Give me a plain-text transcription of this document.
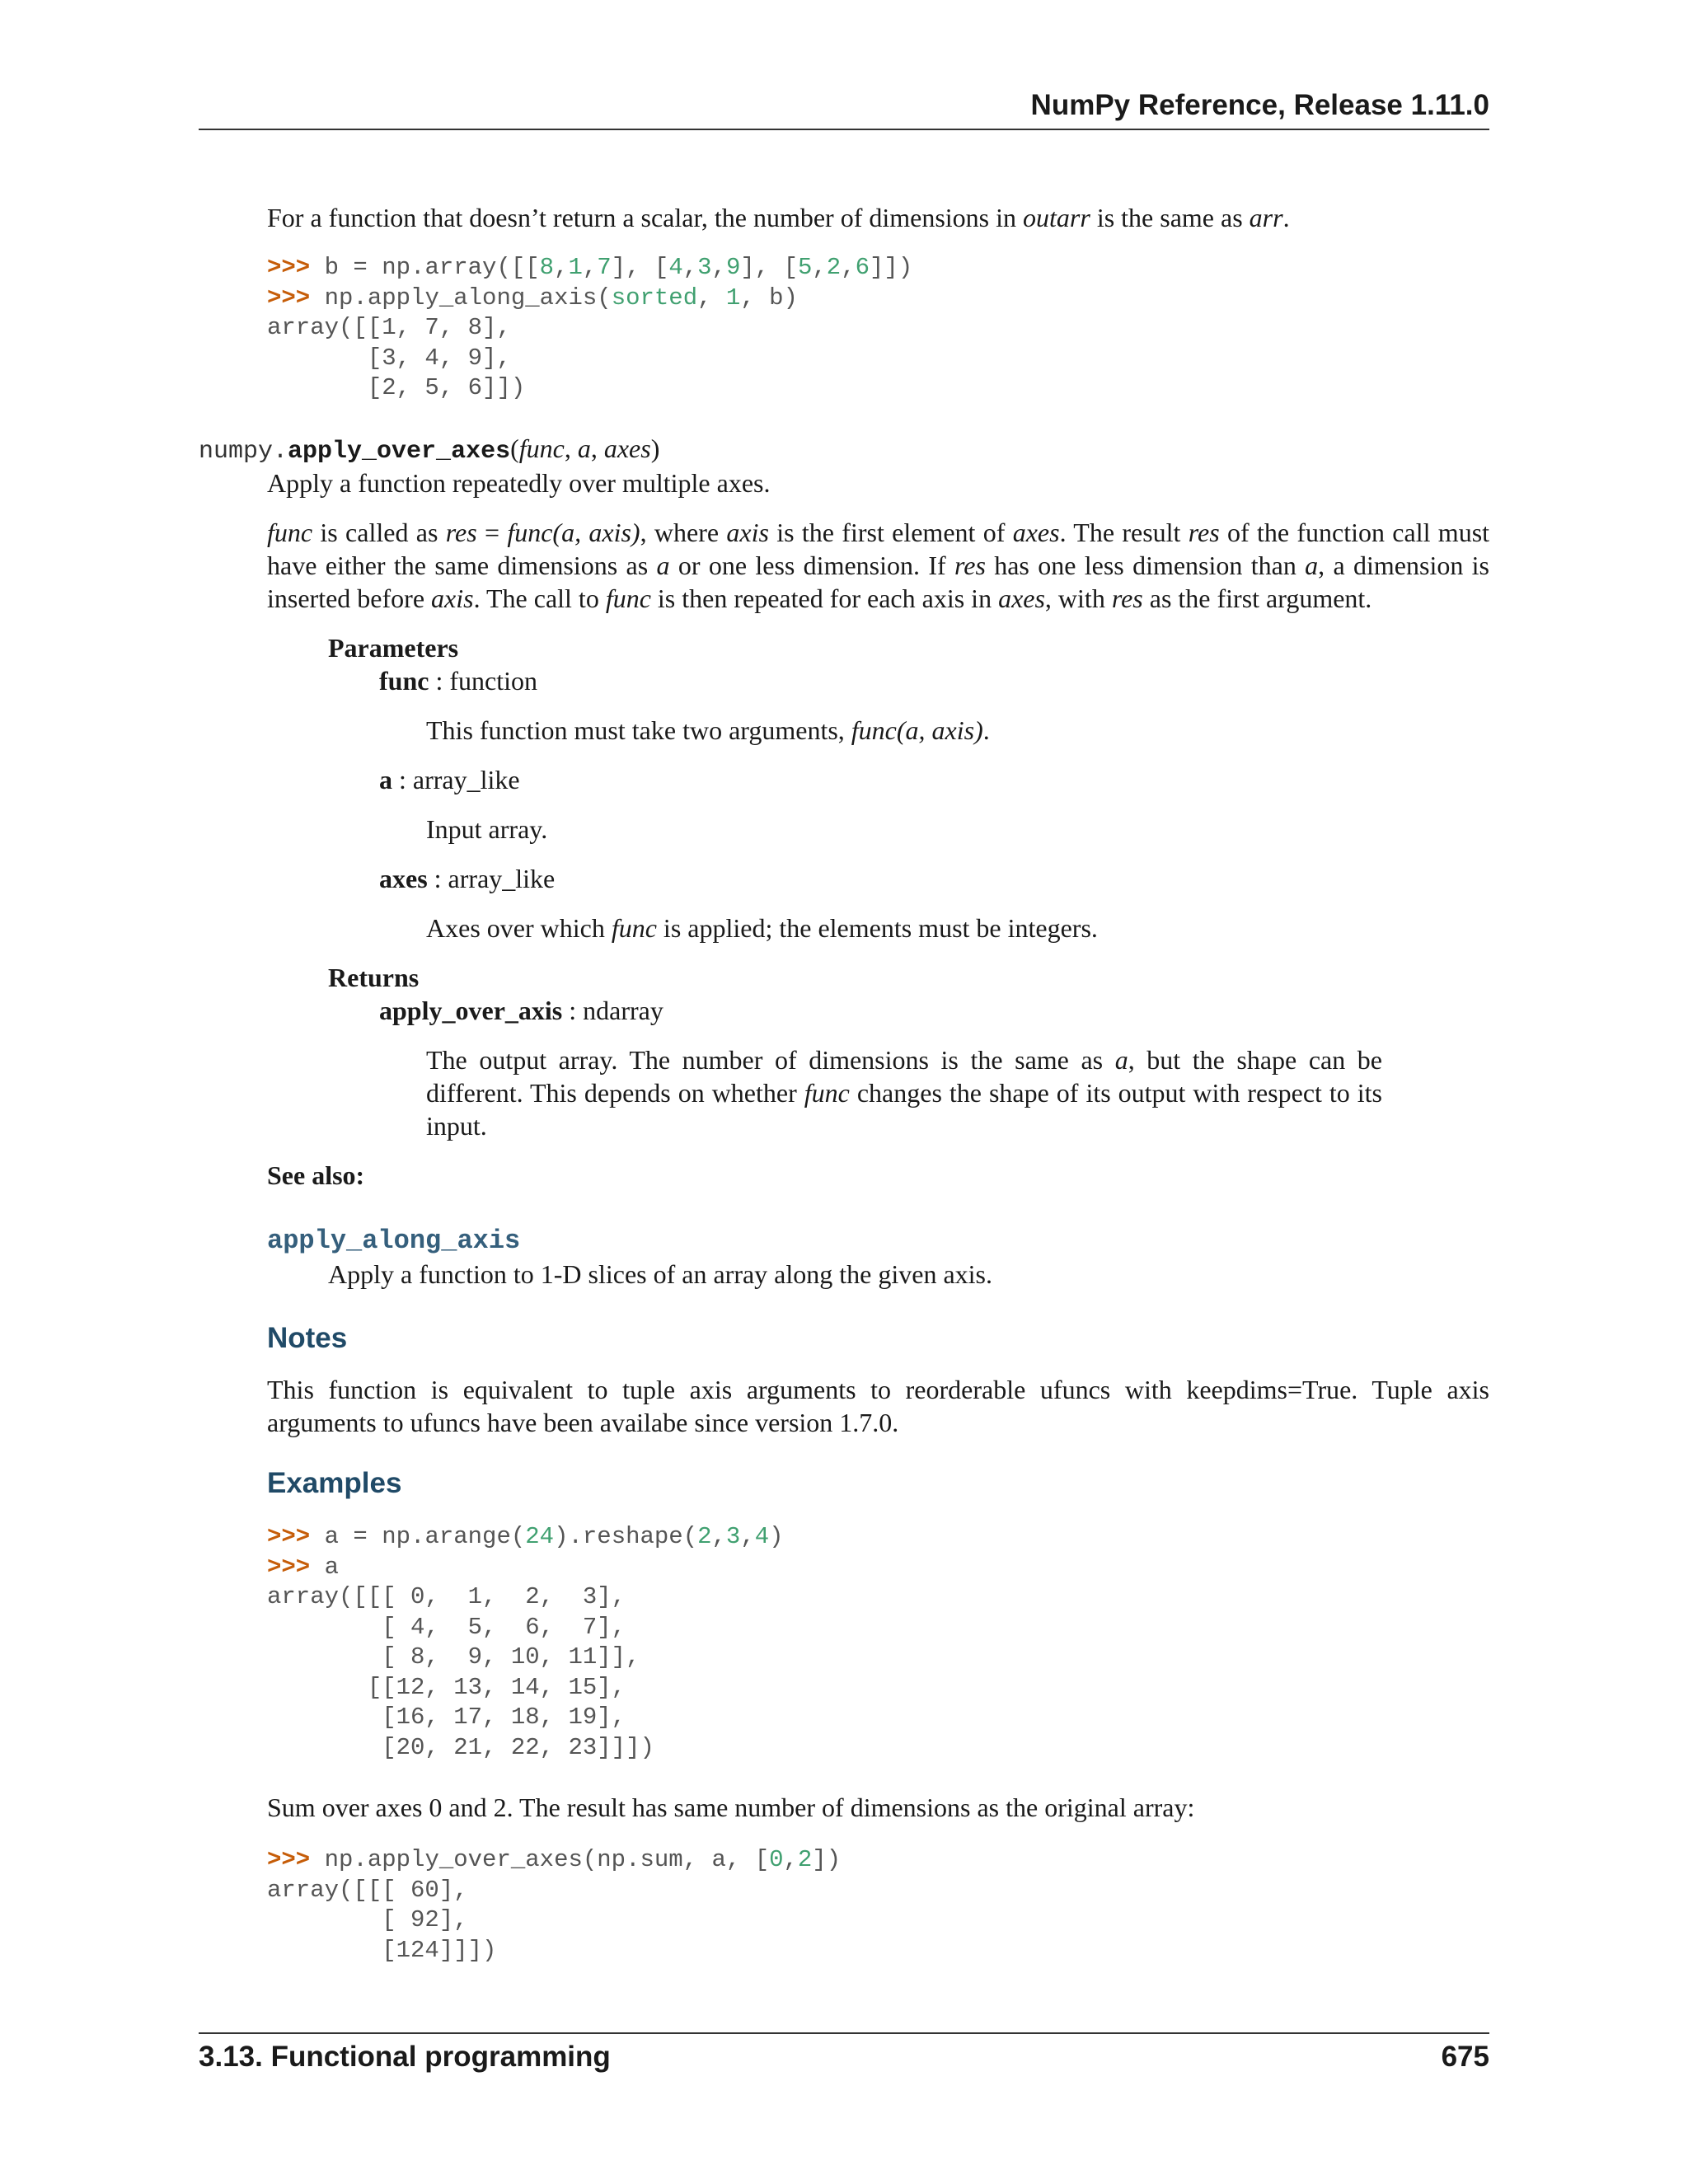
NumPy Reference, Release 1.11.0
For a function that doesn’t return a scalar, the number of dimensions in outarr is the same as arr.
>>> b = np.array([[8,1,7], [4,3,9], [5,2,6]])
>>> np.apply_along_axis(sorted, 1, b)
array([[1, 7, 8],
[3, 4, 9],
[2, 5, 6]])
numpy.apply_over_axes(func, a, axes)
Apply a function repeatedly over multiple axes.
func is called as res = func(a, axis), where axis is the first element of axes. The result res of the function call must have either the same dimensions as a or one less dimension. If res has one less dimension than a, a dimension is inserted before axis. The call to func is then repeated for each axis in axes, with res as the first argument.
Parameters
func : function
This function must take two arguments, func(a, axis).
a : array_like
Input array.
axes : array_like
Axes over which func is applied; the elements must be integers.
Returns
apply_over_axis : ndarray
The output array. The number of dimensions is the same as a, but the shape can be different. This depends on whether func changes the shape of its output with respect to its input.
See also:
apply_along_axis
Apply a function to 1-D slices of an array along the given axis.
Notes
This function is equivalent to tuple axis arguments to reorderable ufuncs with keepdims=True. Tuple axis arguments to ufuncs have been availabe since version 1.7.0.
Examples
>>> a = np.arange(24).reshape(2,3,4)
>>> a
array([[[ 0,  1,  2,  3],
[ 4,  5,  6,  7],
[ 8,  9, 10, 11]],
[[12, 13, 14, 15],
[16, 17, 18, 19],
[20, 21, 22, 23]]])
Sum over axes 0 and 2. The result has same number of dimensions as the original array:
>>> np.apply_over_axes(np.sum, a, [0,2])
array([[[ 60],
[ 92],
[124]]])
3.13. Functional programming	675
